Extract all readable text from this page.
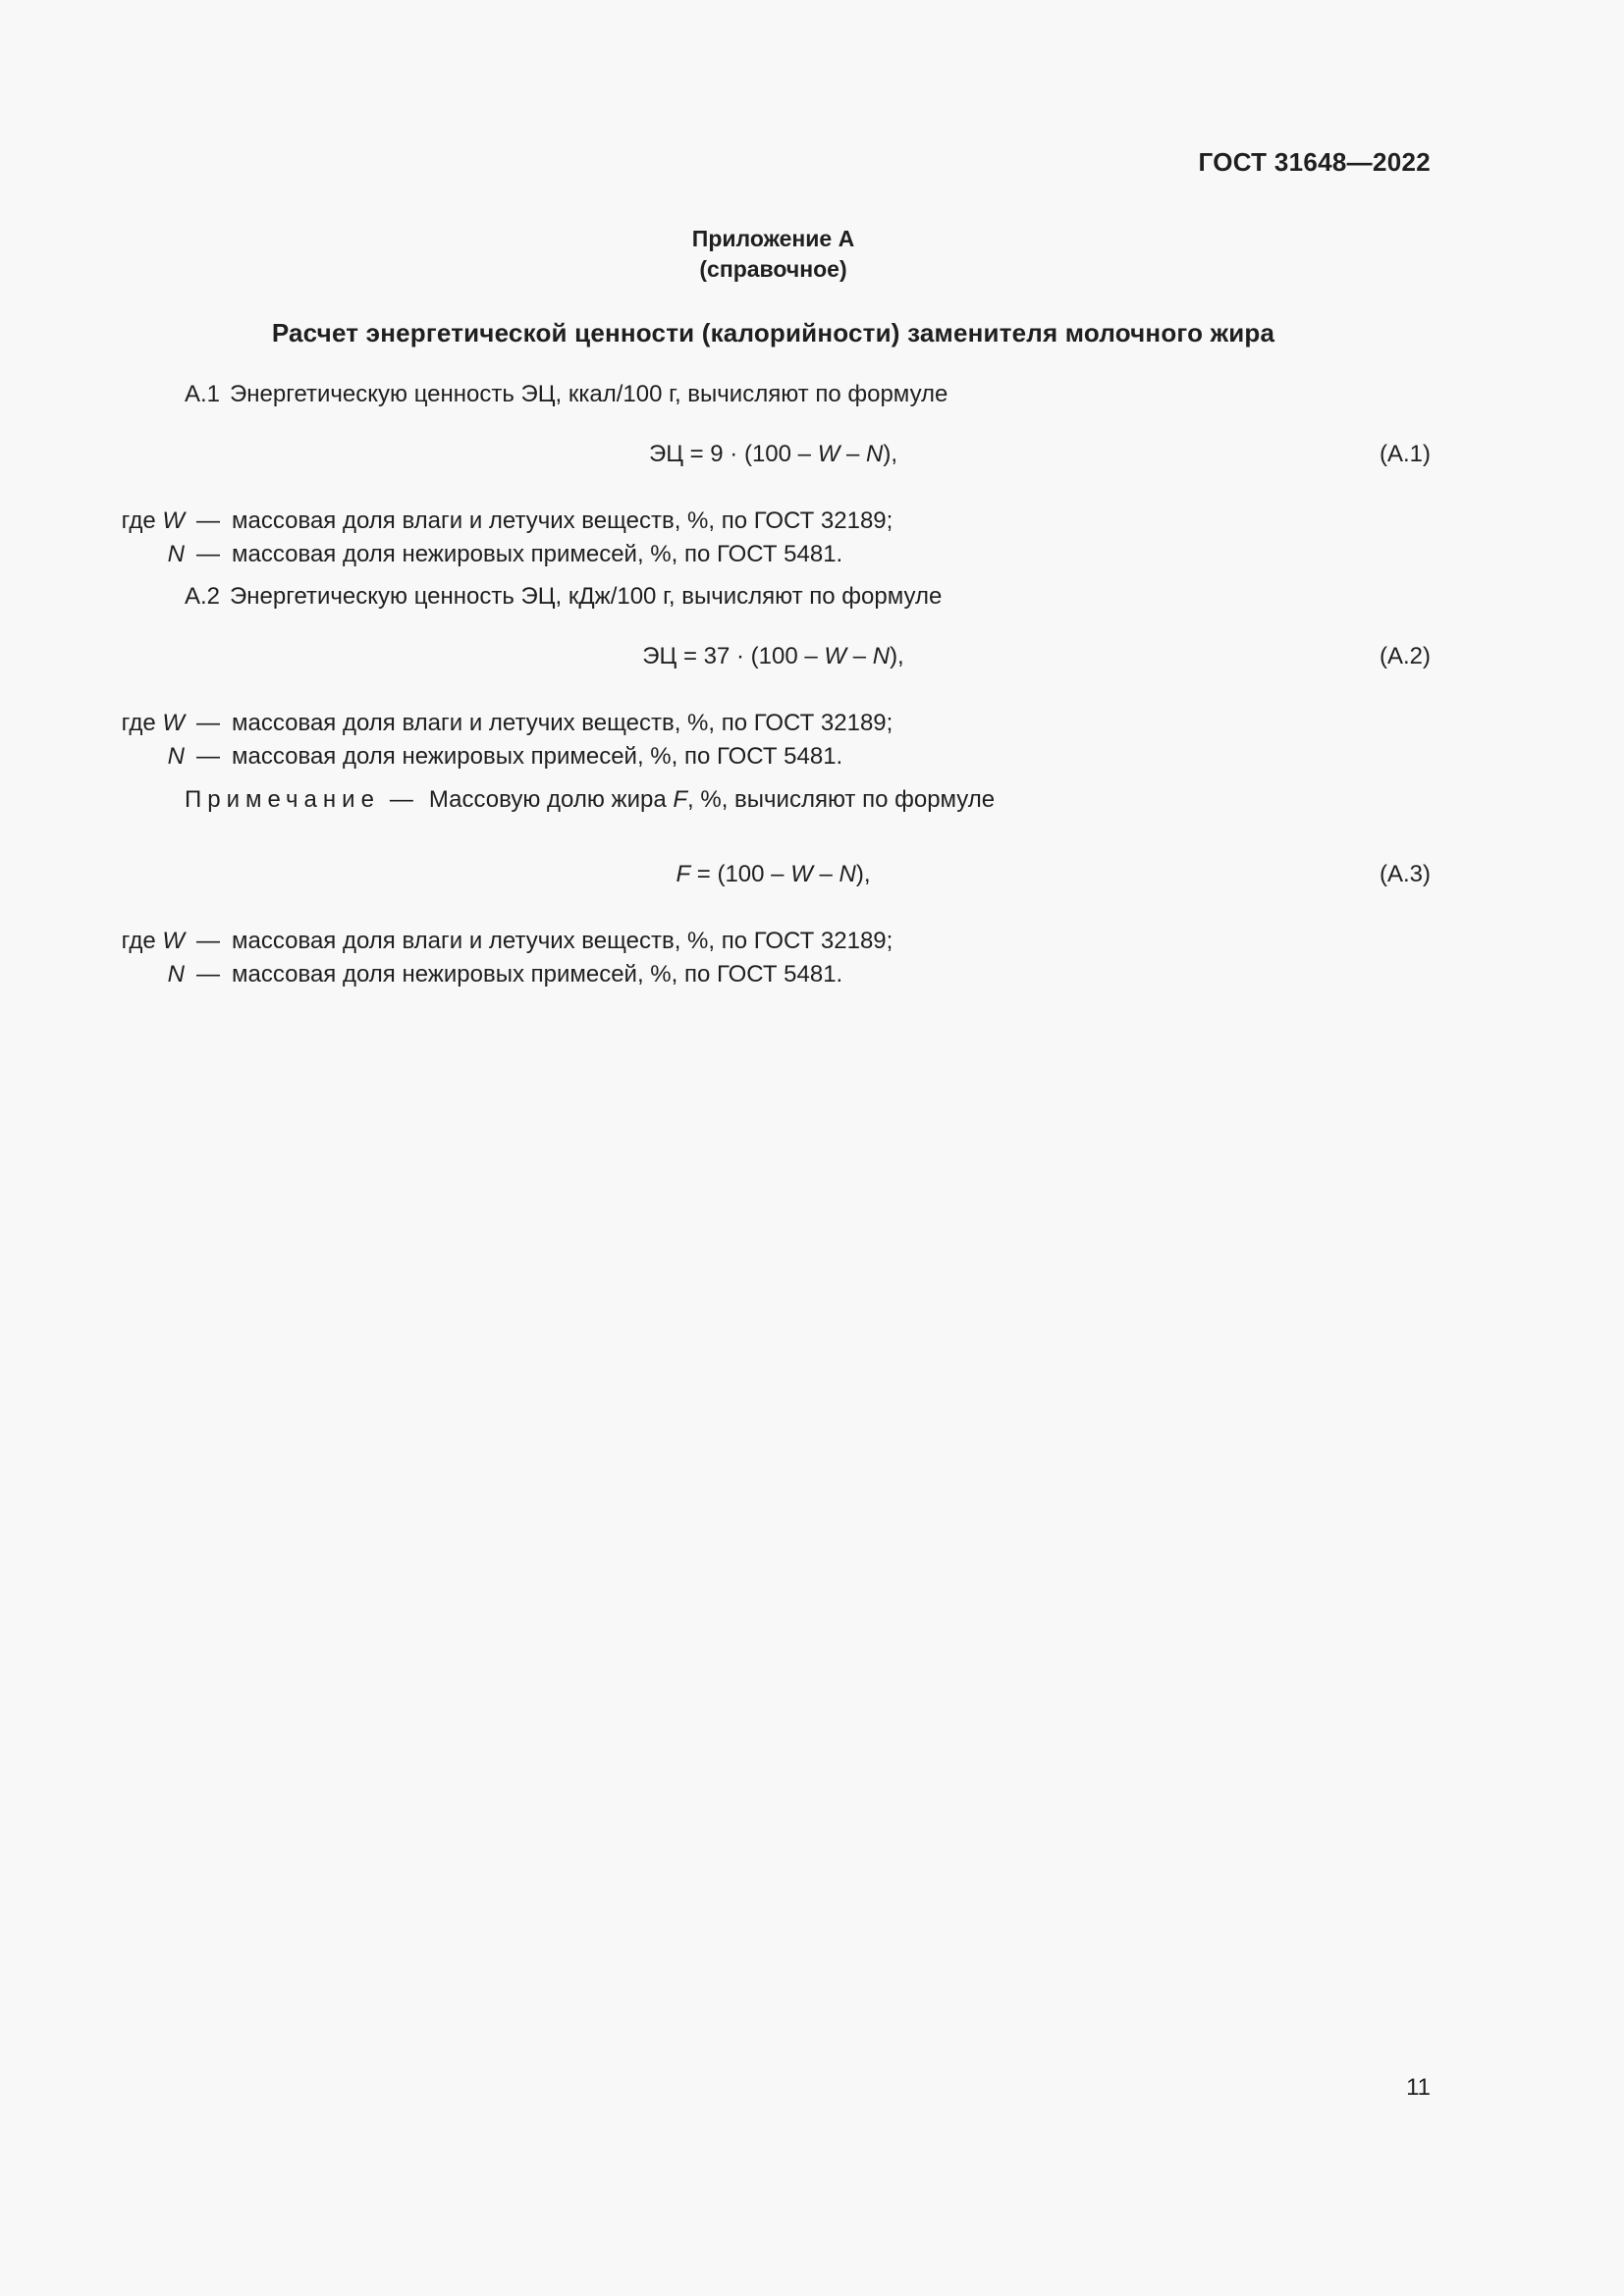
ГОСТ 31648—2022
Приложение А
(справочное)
Расчет энергетической ценности (калорийности) заменителя молочного жира
А.1 Энергетическую ценность ЭЦ, ккал/100 г, вычисляют по формуле
ЭЦ = 9 · (100 – W – N),	(А.1)
где W — массовая доля влаги и летучих веществ, %, по ГОСТ 32189;
N — массовая доля нежировых примесей, %, по ГОСТ 5481.
А.2 Энергетическую ценность ЭЦ, кДж/100 г, вычисляют по формуле
ЭЦ = 37 · (100 – W – N),	(А.2)
где W — массовая доля влаги и летучих веществ, %, по ГОСТ 32189;
N — массовая доля нежировых примесей, %, по ГОСТ 5481.
Примечание — Массовую долю жира F, %, вычисляют по формуле
F = (100 – W – N),	(А.3)
где W — массовая доля влаги и летучих веществ, %, по ГОСТ 32189;
N — массовая доля нежировых примесей, %, по ГОСТ 5481.
11
